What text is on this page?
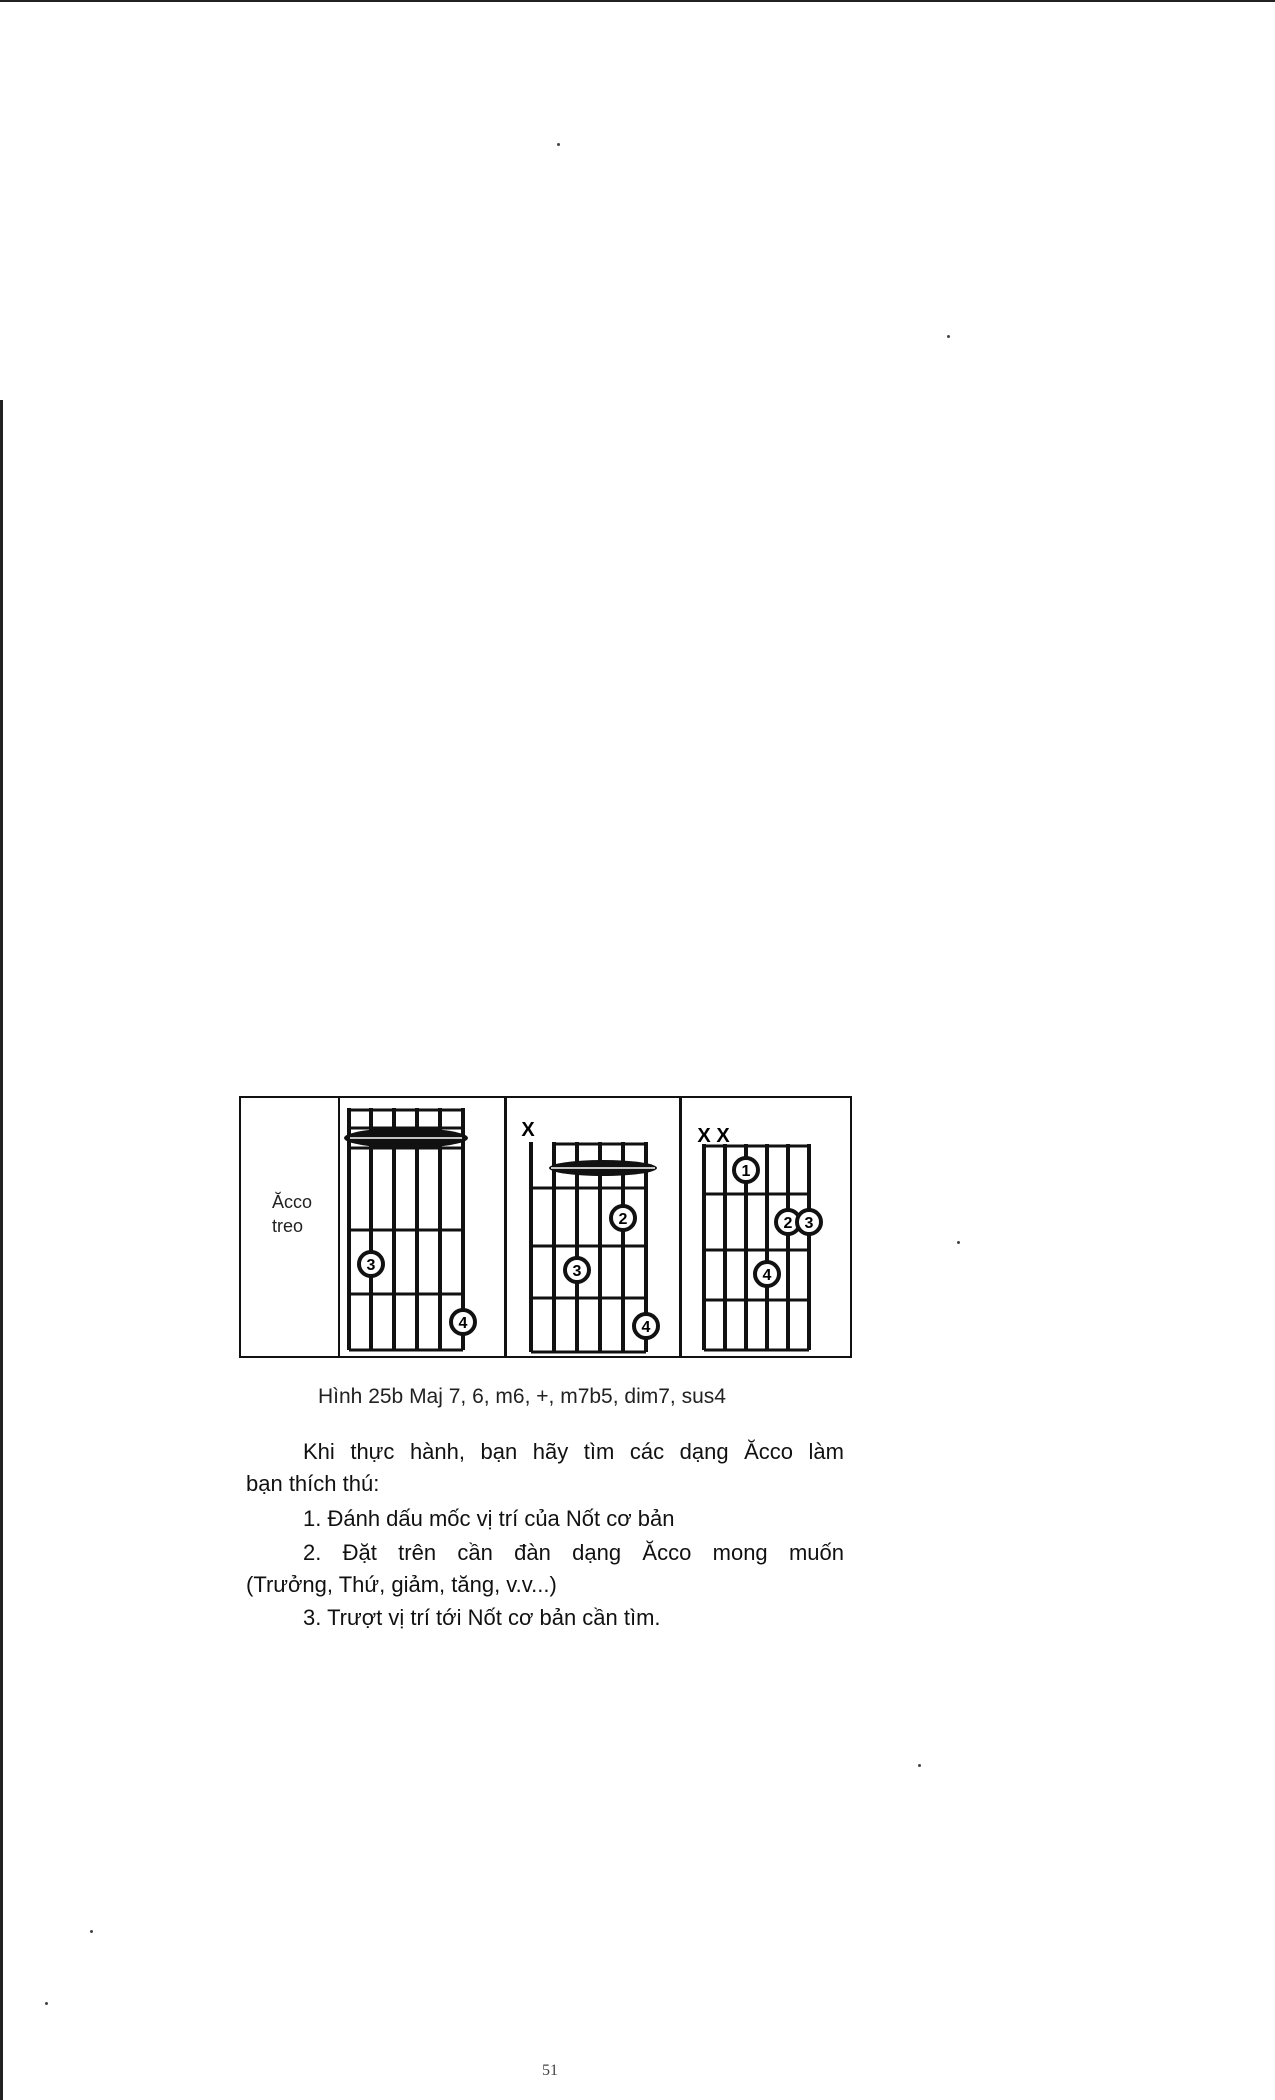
Ăcco
treo
3
4
X
2
3
4
X X
1
2 3
4
Hình 25b Maj 7, 6, m6, +, m7b5, dim7, sus4
Khi thực hành, bạn hãy tìm các dạng Ăcco làm
bạn thích thú:
1. Đánh dấu mốc vị trí của Nốt cơ bản
2. Đặt trên cần đàn dạng Ăcco mong muốn
(Trưởng, Thứ, giảm, tăng, v.v...)
3. Trượt vị trí tới Nốt cơ bản cần tìm.
51
